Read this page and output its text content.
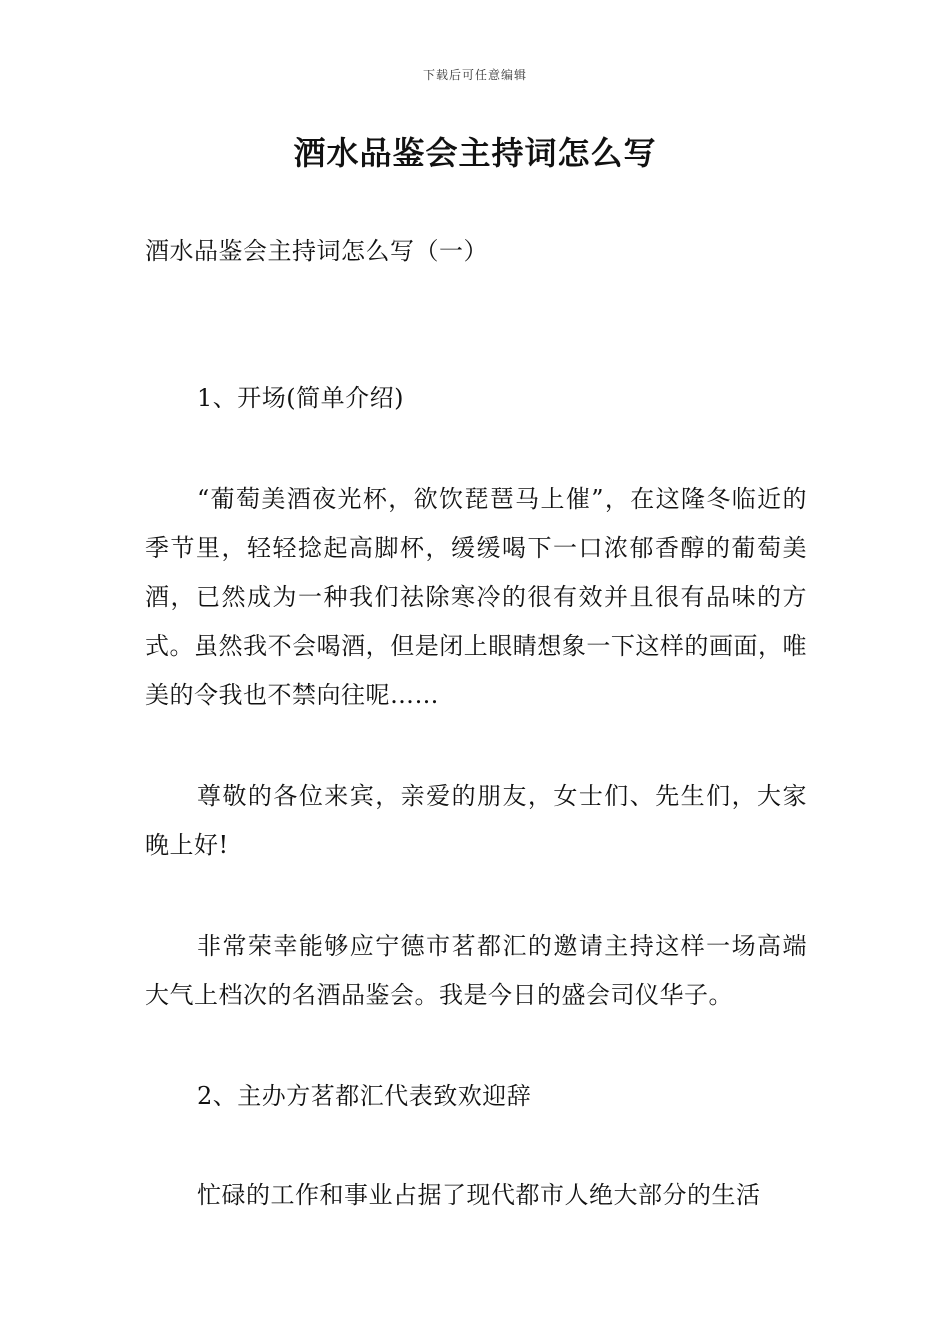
下载后可任意编辑
酒水品鉴会主持词怎么写

酒水品鉴会主持词怎么写（一）

1、开场(简单介绍)

“葡萄美酒夜光杯，欲饮琵琶马上催”，在这隆冬临近的季节里，轻轻捻起高脚杯，缓缓喝下一口浓郁香醇的葡萄美酒，已然成为一种我们祛除寒冷的很有效并且很有品味的方式。虽然我不会喝酒，但是闭上眼睛想象一下这样的画面，唯美的令我也不禁向往呢……

尊敬的各位来宾，亲爱的朋友，女士们、先生们，大家晚上好!

非常荣幸能够应宁德市茗都汇的邀请主持这样一场高端大气上档次的名酒品鉴会。我是今日的盛会司仪华子。

2、主办方茗都汇代表致欢迎辞

忙碌的工作和事业占据了现代都市人绝大部分的生活
